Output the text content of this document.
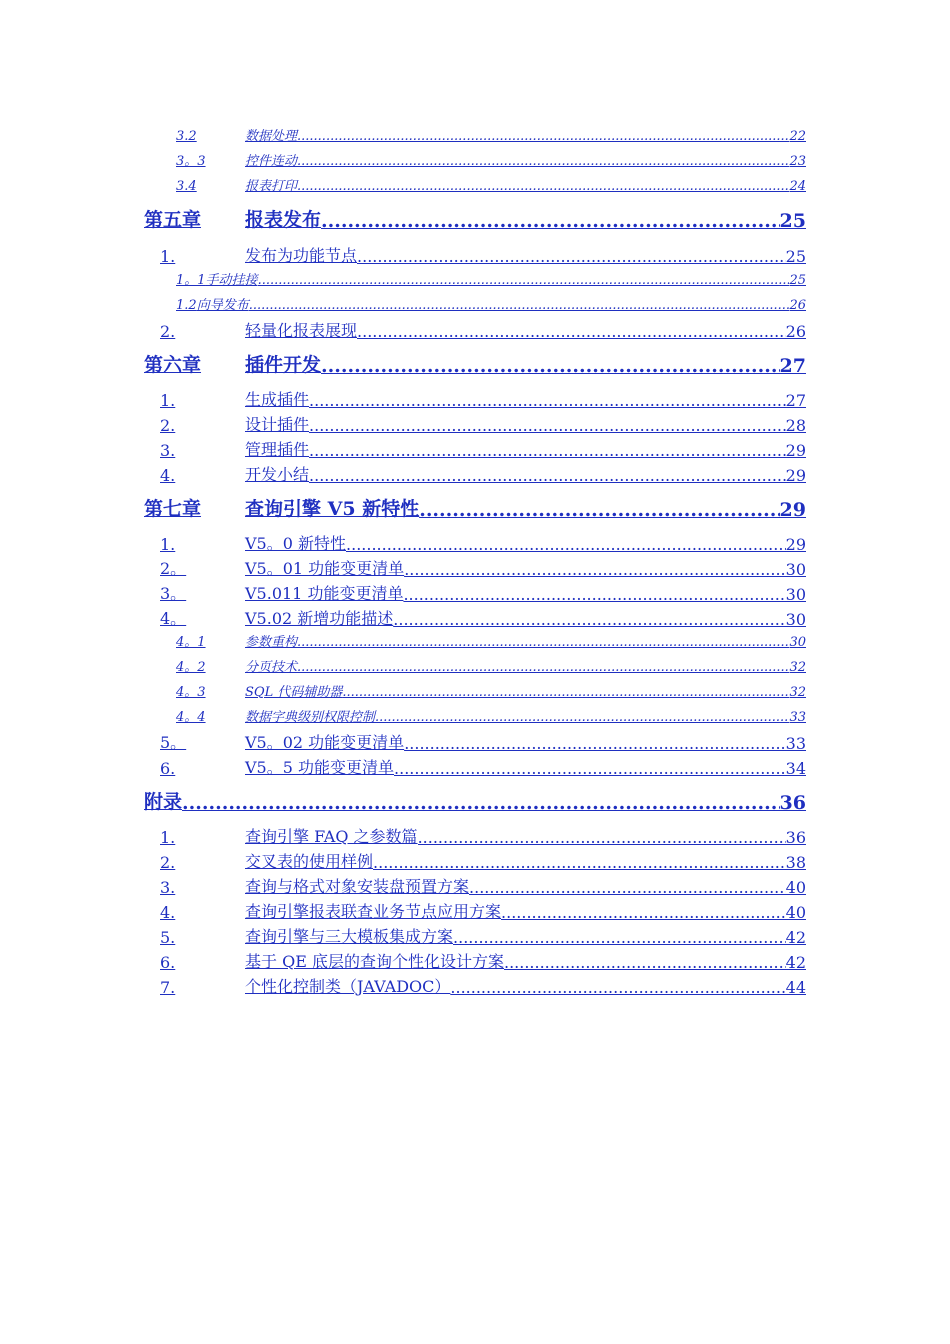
3.2	数据处理 .....	22
3。3	控件连动 .....	23
3.4	报表打印 .....	24
第五章	报表发布 .....	25
1.	发布为功能节点 .....	25
1。1 手动挂接 .....	25
1.2 向导发布 .....	26
2.	轻量化报表展现 .....	26
第六章	插件开发 .....	27
1.	生成插件 .....	27
2.	设计插件 .....	28
3.	管理插件 .....	29
4.	开发小结 .....	29
第七章	查询引擎 V5 新特性 .....	29
1.	V5。0 新特性 .....	29
2。	V5。01 功能变更清单 .....	30
3。	V5.011 功能变更清单 .....	30
4。	V5.02 新增功能描述 .....	30
4。1	参数重构 .....	30
4。2	分页技术 .....	32
4。3	SQL 代码辅助器 .....	32
4。4	数据字典级别权限控制 .....	33
5。	V5。02 功能变更清单 .....	33
6.	V5。5 功能变更清单 .....	34
附录 .....	36
1.	查询引擎 FAQ 之参数篇 .....	36
2.	交叉表的使用样例 .....	38
3.	查询与格式对象安装盘预置方案 .....	40
4.	查询引擎报表联查业务节点应用方案 .....	40
5.	查询引擎与三大模板集成方案 .....	42
6.	基于 QE 底层的查询个性化设计方案 .....	42
7.	个性化控制类（JAVADOC） .....	44
